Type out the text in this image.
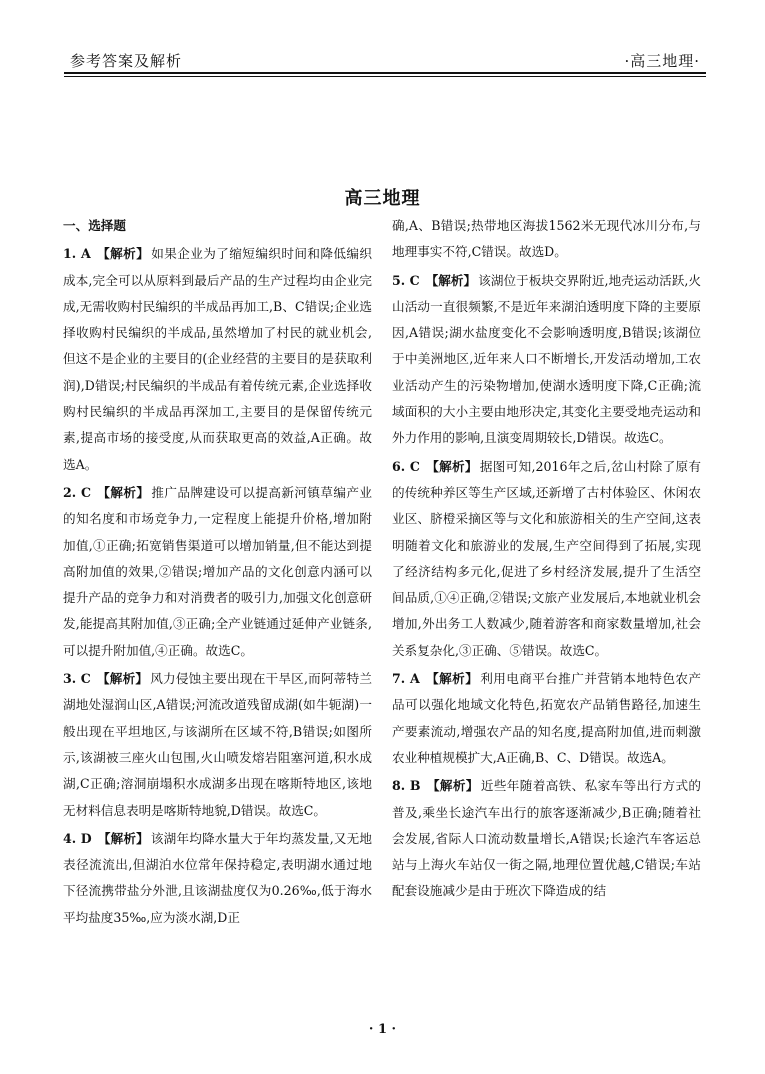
参考答案及解析	·高三地理·
高三地理

一、选择题

1. A 【解析】 如果企业为了缩短编织时间和降低编织成本,完全可以从原料到最后产品的生产过程均由企业完成,无需收购村民编织的半成品再加工,B、C错误;企业选择收购村民编织的半成品,虽然增加了村民的就业机会,但这不是企业的主要目的(企业经营的主要目的是获取利润),D错误;村民编织的半成品有着传统元素,企业选择收购村民编织的半成品再深加工,主要目的是保留传统元素,提高市场的接受度,从而获取更高的效益,A正确。故选A。

2. C 【解析】 推广品牌建设可以提高新河镇草编产业的知名度和市场竞争力,一定程度上能提升价格,增加附加值,①正确;拓宽销售渠道可以增加销量,但不能达到提高附加值的效果,②错误;增加产品的文化创意内涵可以提升产品的竞争力和对消费者的吸引力,加强文化创意研发,能提高其附加值,③正确;全产业链通过延伸产业链条,可以提升附加值,④正确。故选C。

3. C 【解析】 风力侵蚀主要出现在干旱区,而阿蒂特兰湖地处湿润山区,A错误;河流改道残留成湖(如牛轭湖)一般出现在平坦地区,与该湖所在区域不符,B错误;如图所示,该湖被三座火山包围,火山喷发熔岩阻塞河道,积水成湖,C正确;溶洞崩塌积水成湖多出现在喀斯特地区,该地无材料信息表明是喀斯特地貌,D错误。故选C。

4. D 【解析】 该湖年均降水量大于年均蒸发量,又无地表径流流出,但湖泊水位常年保持稳定,表明湖水通过地下径流携带盐分外泄,且该湖盐度仅为0.26‰,低于海水平均盐度35‰,应为淡水湖,D正

确,A、B错误;热带地区海拔1562米无现代冰川分布,与地理事实不符,C错误。故选D。

5. C 【解析】 该湖位于板块交界附近,地壳运动活跃,火山活动一直很频繁,不是近年来湖泊透明度下降的主要原因,A错误;湖水盐度变化不会影响透明度,B错误;该湖位于中美洲地区,近年来人口不断增长,开发活动增加,工农业活动产生的污染物增加,使湖水透明度下降,C正确;流域面积的大小主要由地形决定,其变化主要受地壳运动和外力作用的影响,且演变周期较长,D错误。故选C。

6. C 【解析】 据图可知,2016年之后,岔山村除了原有的传统种养区等生产区域,还新增了古村体验区、休闲农业区、脐橙采摘区等与文化和旅游相关的生产空间,这表明随着文化和旅游业的发展,生产空间得到了拓展,实现了经济结构多元化,促进了乡村经济发展,提升了生活空间品质,①④正确,②错误;文旅产业发展后,本地就业机会增加,外出务工人数减少,随着游客和商家数量增加,社会关系复杂化,③正确、⑤错误。故选C。

7. A 【解析】 利用电商平台推广并营销本地特色农产品可以强化地域文化特色,拓宽农产品销售路径,加速生产要素流动,增强农产品的知名度,提高附加值,进而刺激农业种植规模扩大,A正确,B、C、D错误。故选A。

8. B 【解析】 近些年随着高铁、私家车等出行方式的普及,乘坐长途汽车出行的旅客逐渐减少,B正确;随着社会发展,省际人口流动数量增长,A错误;长途汽车客运总站与上海火车站仅一街之隔,地理位置优越,C错误;车站配套设施减少是由于班次下降造成的结

· 1 ·
